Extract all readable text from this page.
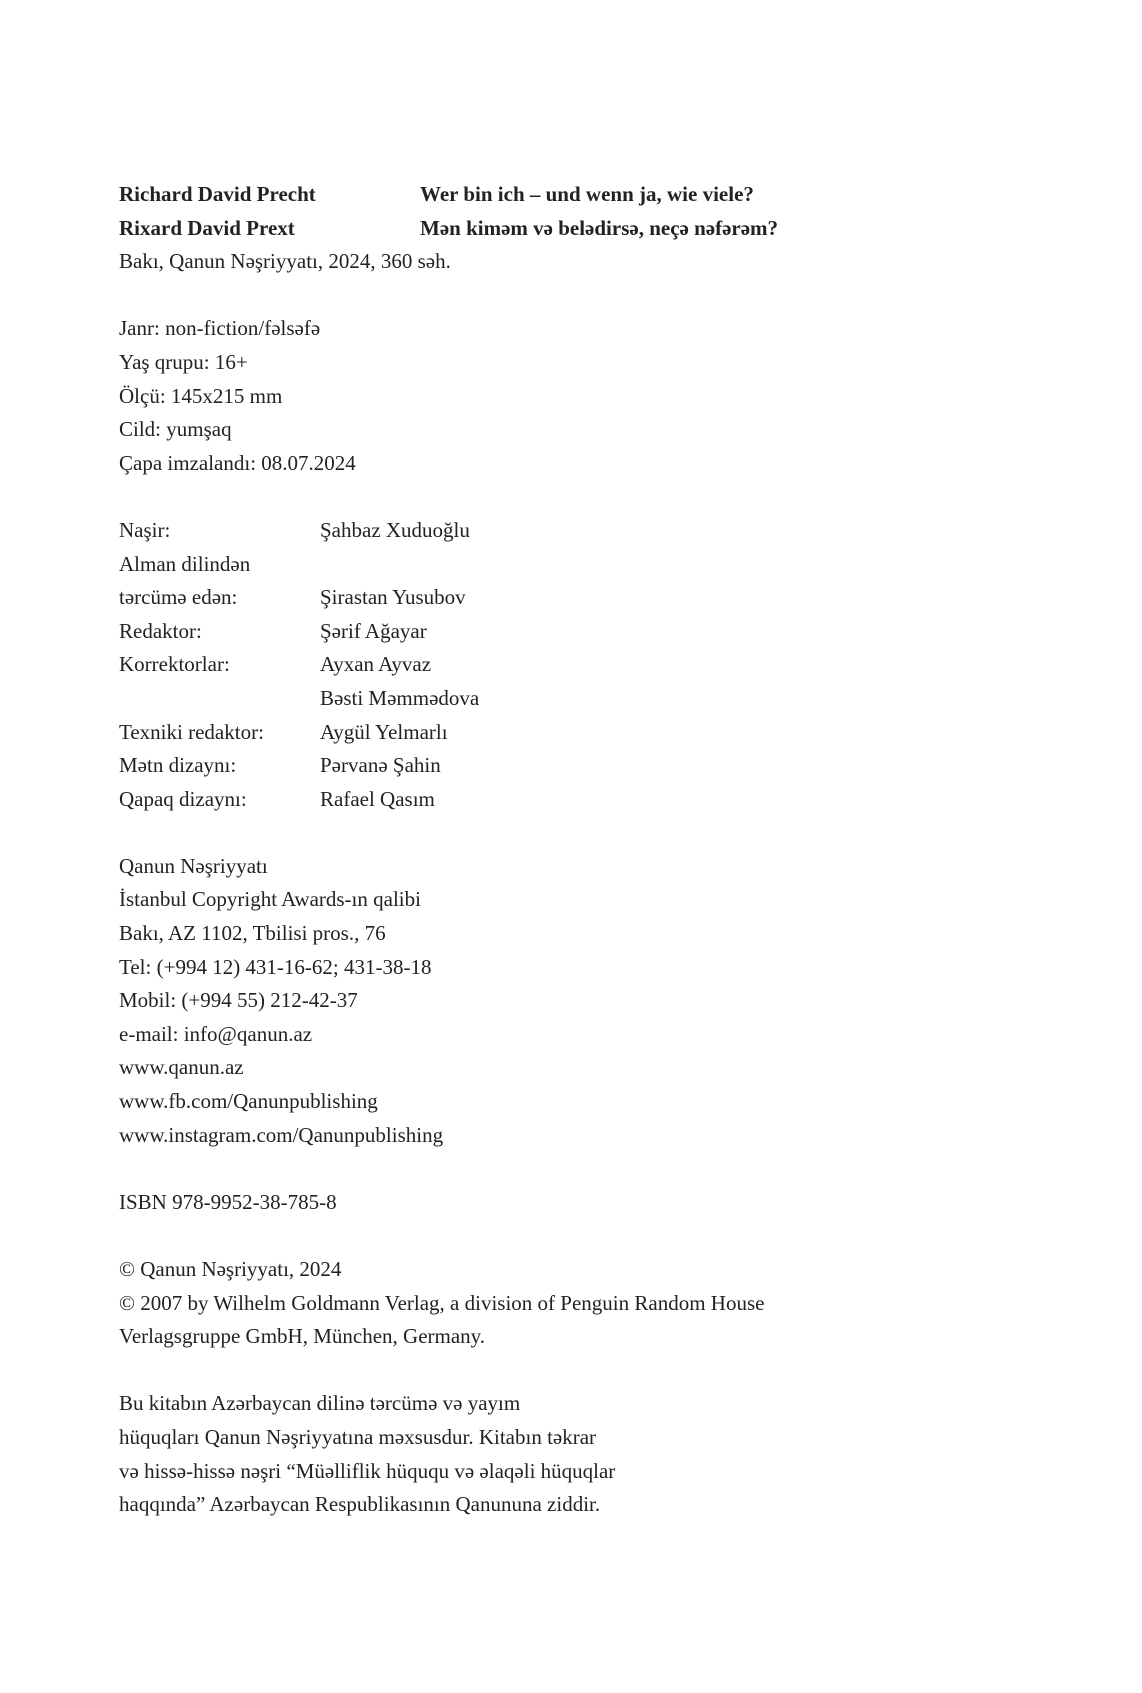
Richard David Precht	Wer bin ich – und wenn ja, wie viele?
Rixard David Prext	Mən kiməm və belədirsə, neçə nəfərəm?
Bakı, Qanun Nəşriyyatı, 2024, 360 səh.
Janr: non-fiction/fəlsəfə
Yaş qrupu: 16+
Ölçü: 145x215 mm
Cild: yumşaq
Çapa imzalandı: 08.07.2024
Naşir:	Şahbaz Xuduoğlu
Alman dilindən
tərcümə edən:	Şirastan Yusubov
Redaktor:	Şərif Ağayar
Korrektorlar:	Ayxan Ayvaz
Bəsti Məmmədova
Texniki redaktor:	Aygül Yelmarlı
Mətn dizaynı:	Pərvanə Şahin
Qapaq dizaynı:	Rafael Qasım
Qanun Nəşriyyatı
İstanbul Copyright Awards-ın qalibi
Bakı, AZ 1102, Tbilisi pros., 76
Tel: (+994 12) 431-16-62; 431-38-18
Mobil: (+994 55) 212-42-37
e-mail: info@qanun.az
www.qanun.az
www.fb.com/Qanunpublishing
www.instagram.com/Qanunpublishing
ISBN 978-9952-38-785-8
© Qanun Nəşriyyatı, 2024
© 2007 by Wilhelm Goldmann Verlag, a division of Penguin Random House
Verlagsgruppe GmbH, München, Germany.
Bu kitabın Azərbaycan dilinə tərcümə və yayım
hüquqları Qanun Nəşriyyatına məxsusdur. Kitabın təkrar
və hissə-hissə nəşri “Müəlliflik hüququ və əlaqəli hüquqlar
haqqında” Azərbaycan Respublikasının Qanununa ziddir.
